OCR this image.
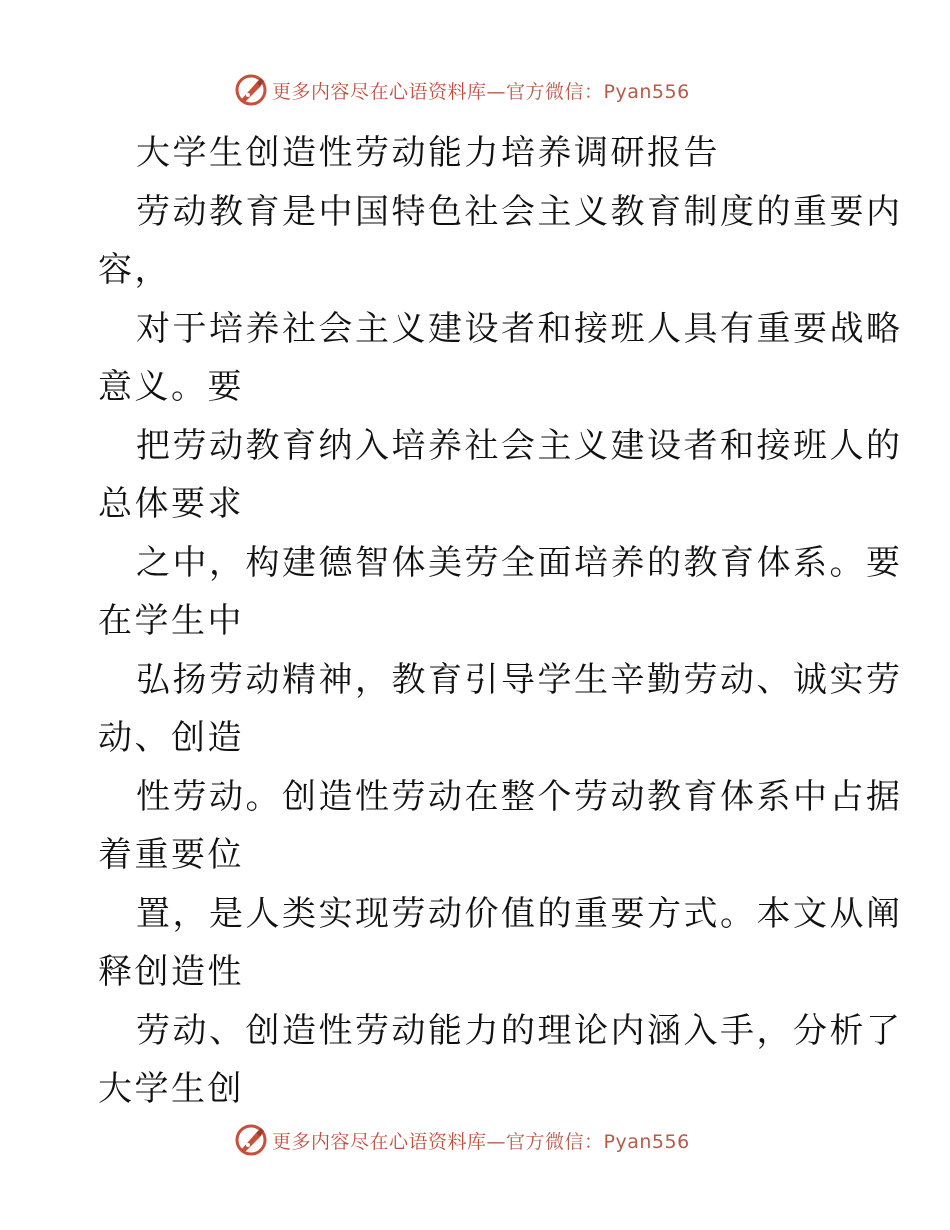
更多内容尽在心语资料库 —官方微信：Pyan556
大学生创造性劳动能力培养调研报告
劳动教育是中国特色社会主义教育制度的重要内
容，
对于培养社会主义建设者和接班人具有重要战略
意义。要
把劳动教育纳入培养社会主义建设者和接班人的
总体要求
之中，构建德智体美劳全面培养的教育体系。要
在学生中
弘扬劳动精神，教育引导学生辛勤劳动、诚实劳
动、创造
性劳动。创造性劳动在整个劳动教育体系中占据
着重要位
置，是人类实现劳动价值的重要方式。本文从阐
释创造性
劳动、创造性劳动能力的理论内涵入手，分析了
大学生创
更多内容尽在心语资料库 —官方微信：Pyan556
